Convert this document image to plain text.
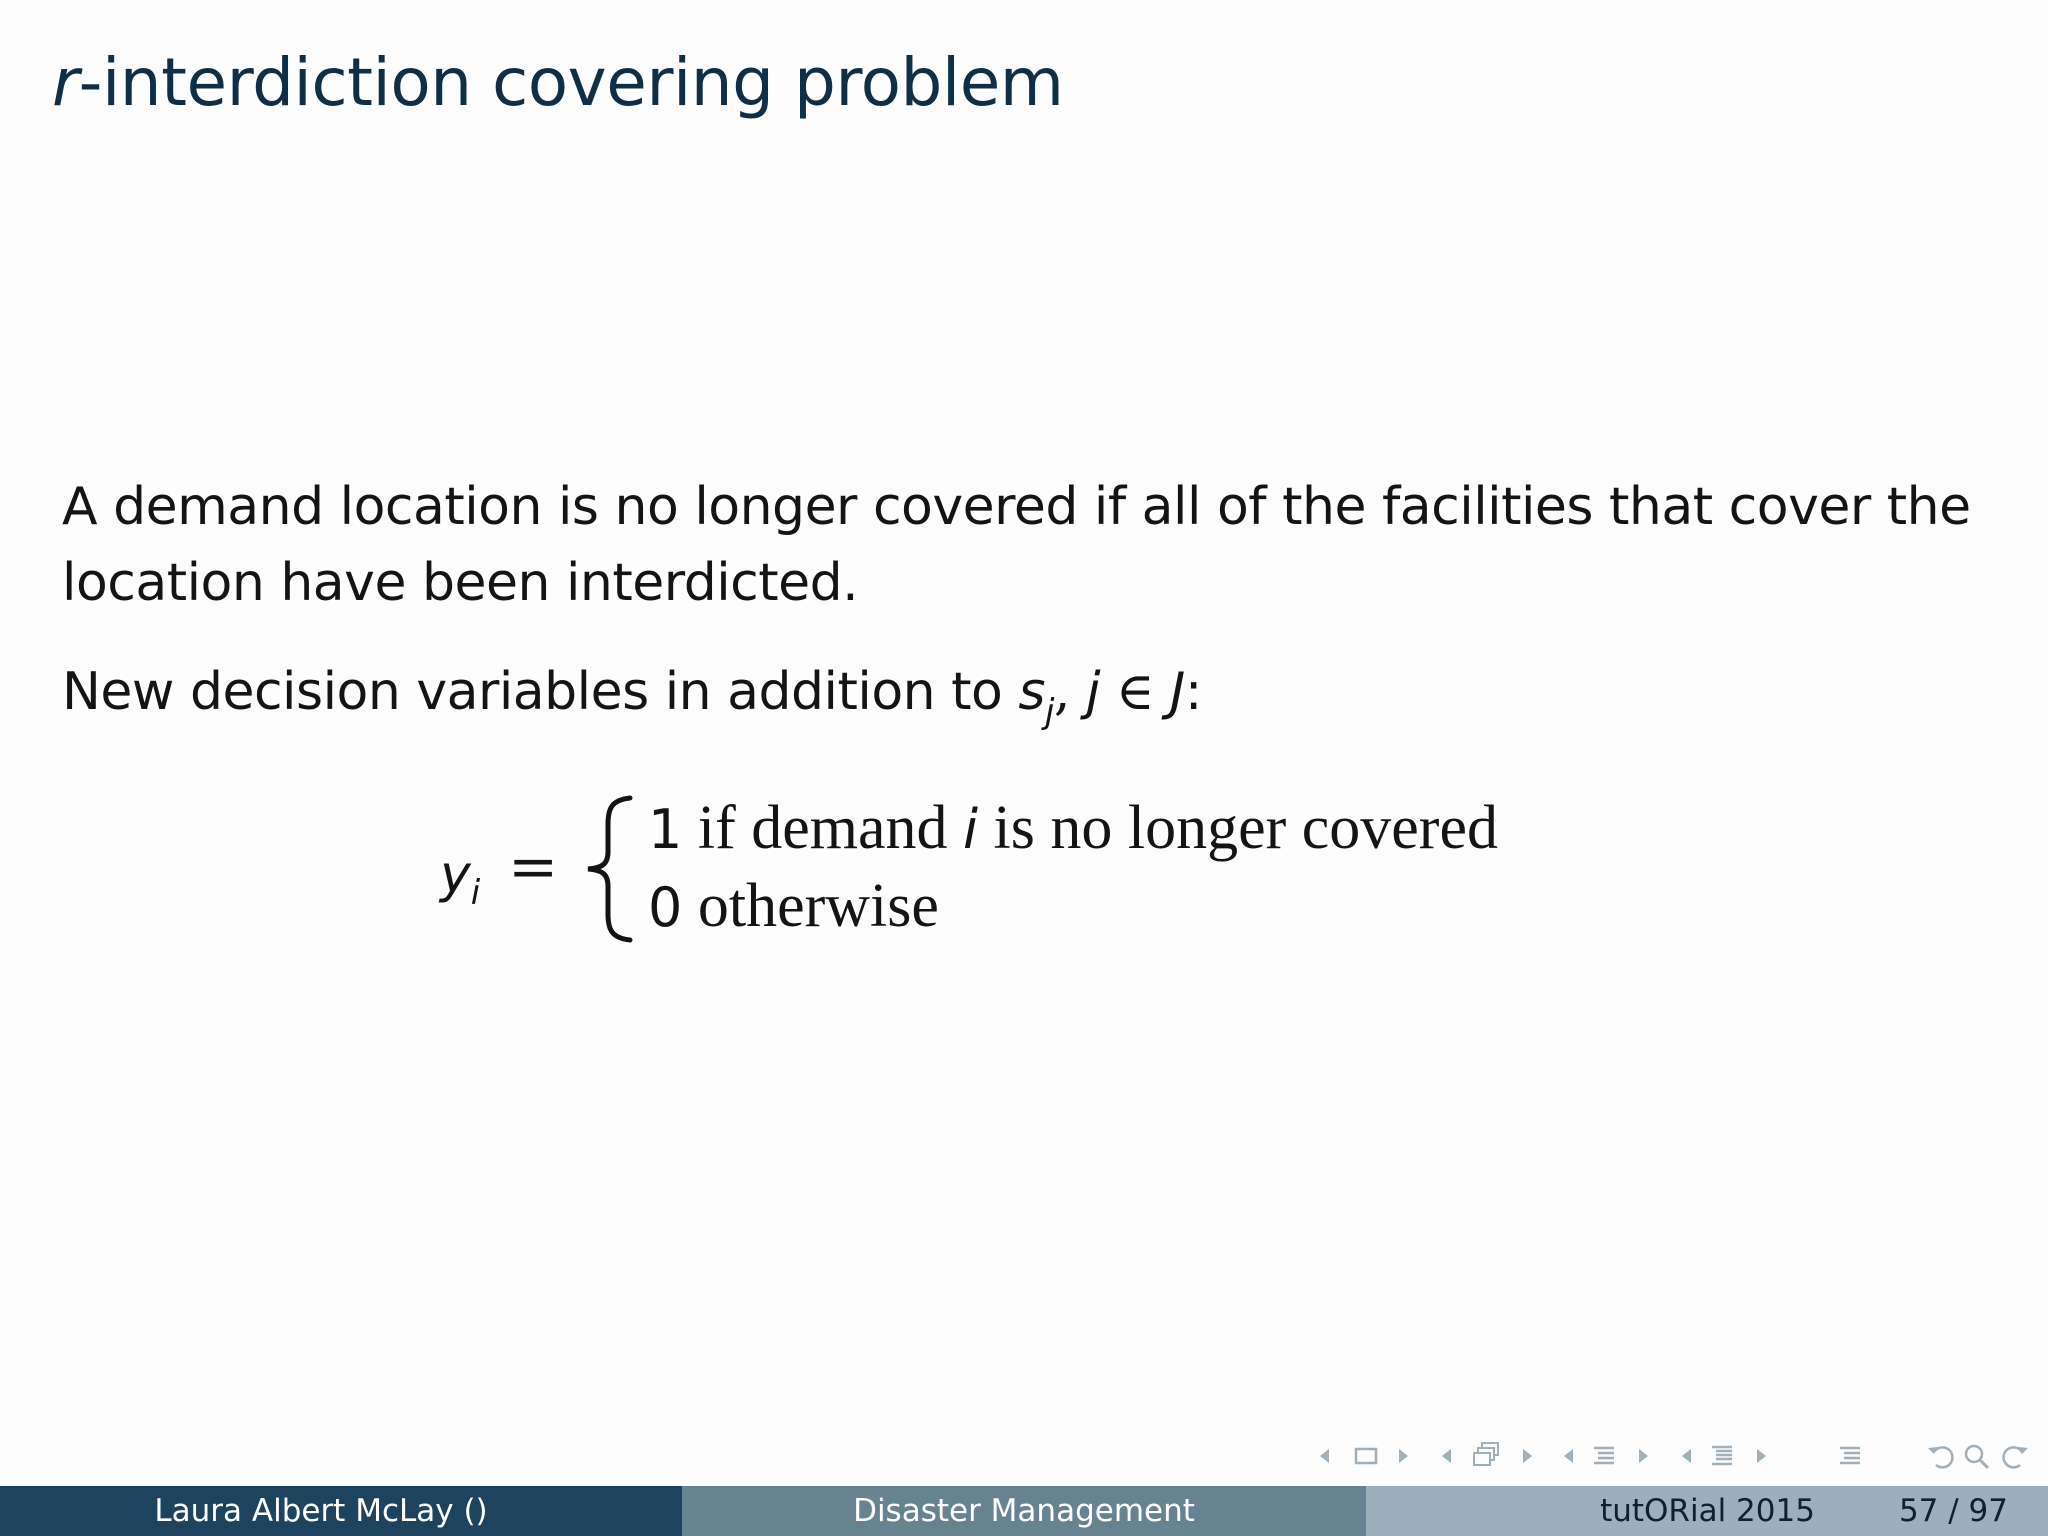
r-interdiction covering problem

A demand location is no longer covered if all of the facilities that cover the location have been interdicted.

New decision variables in addition to $s_j$, j ∈ J:

$y_i$ =
1 if demand i is no longer covered
0 otherwise
Laura Albert McLay ()	Disaster Management	tutORial 2015	57 / 97
